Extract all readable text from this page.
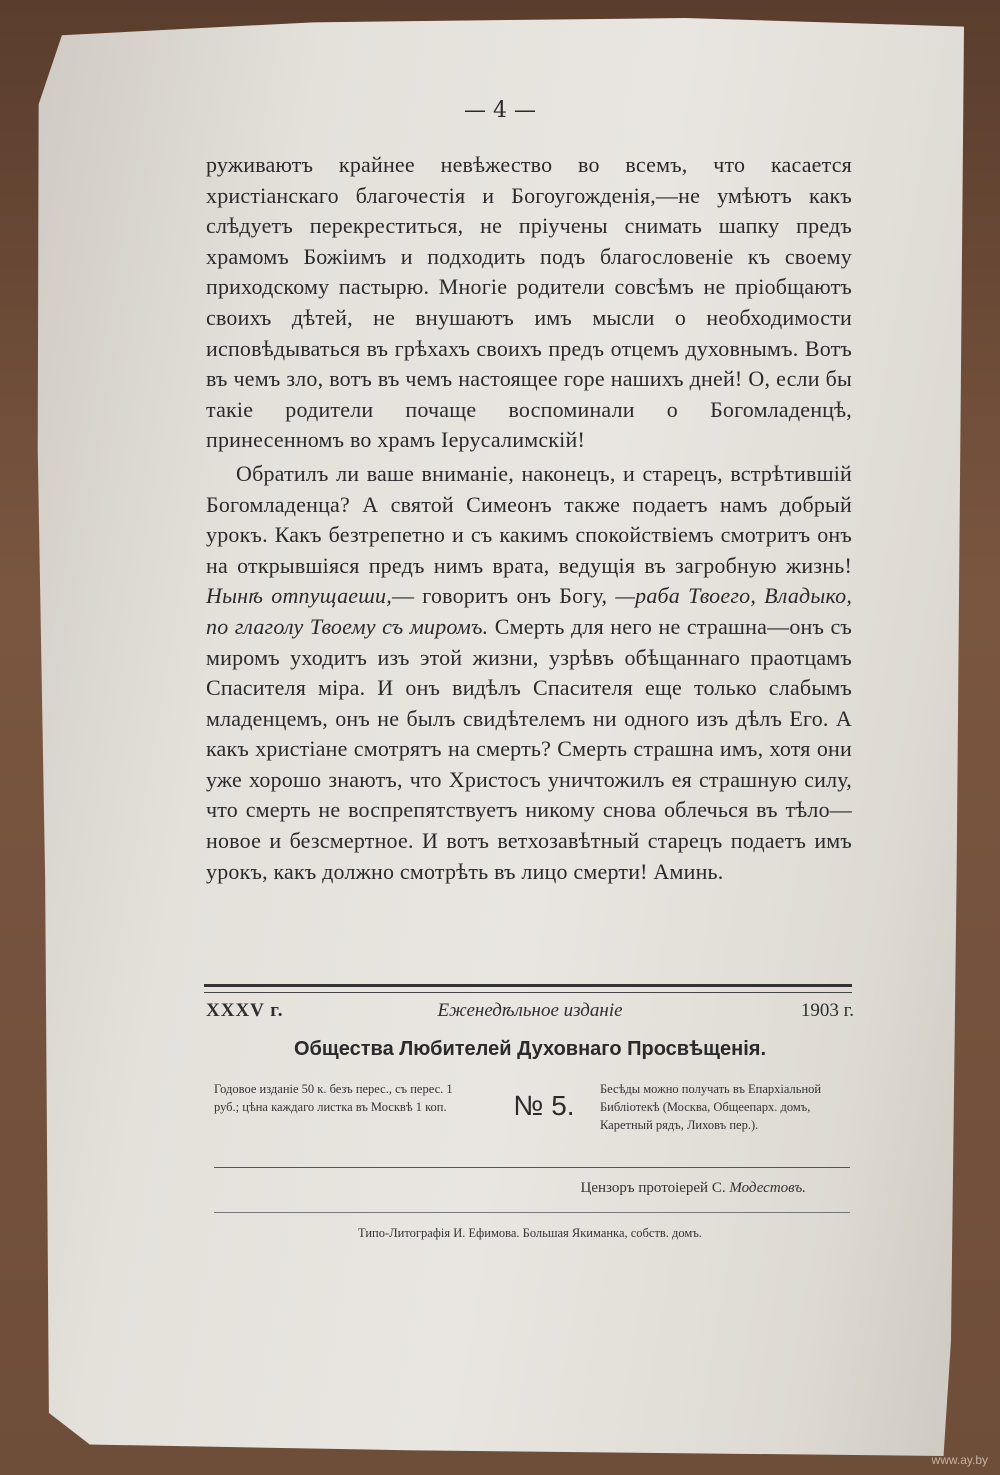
— 4 —

руживаютъ крайнее невѣжество во всемъ, что касается христіанскаго благочестія и Богоугожденія,—не умѣютъ какъ слѣдуетъ перекреститься, не пріучены снимать шапку предъ храмомъ Божіимъ и подходить подъ благословеніе къ своему приходскому пастырю. Многіе родители совсѣмъ не пріобщаютъ своихъ дѣтей, не внушаютъ имъ мысли о необходимости исповѣдываться въ грѣхахъ своихъ предъ отцемъ духовнымъ. Вотъ въ чемъ зло, вотъ въ чемъ настоящее горе нашихъ дней! О, если бы такіе родители почаще воспоминали о Богомладенцѣ, принесенномъ во храмъ Іерусалимскій!

Обратилъ ли ваше вниманіе, наконецъ, и старецъ, встрѣтившій Богомладенца? А святой Симеонъ также подаетъ намъ добрый урокъ. Какъ безтрепетно и съ какимъ спокойствіемъ смотритъ онъ на открывшіяся предъ нимъ врата, ведущія въ загробную жизнь! Нынѣ отпущаеши,— говоритъ онъ Богу, —раба Твоего, Владыко, по глаголу Твоему съ миромъ. Смерть для него не страшна—онъ съ миромъ уходитъ изъ этой жизни, узрѣвъ обѣщаннаго праотцамъ Спасителя міра. И онъ видѣлъ Спасителя еще только слабымъ младенцемъ, онъ не былъ свидѣтелемъ ни одного изъ дѣлъ Его. А какъ христіане смотрятъ на смерть? Смерть страшна имъ, хотя они уже хорошо знаютъ, что Христосъ уничтожилъ ея страшную силу, что смерть не воспрепятствуетъ никому снова облечься въ тѣло—новое и безсмертное. И вотъ ветхозавѣтный старецъ подаетъ имъ урокъ, какъ должно смотрѣть въ лицо смерти! Аминь.

XXXV г.	Еженедѣльное изданіе	1903 г.
Общества Любителей Духовнаго Просвѣщенія.
Годовое изданіе 50 к. безъ перес., съ перес. 1 руб.; цѣна каждаго листка въ Москвѣ 1 коп.	№ 5.
Бесѣды можно получать въ Епархіальной Библіотекѣ (Москва, Общеепарх. домъ, Каретный рядъ, Лиховъ пер.).
Цензоръ протоіерей С. Модестовъ.
Типо-Литографія И. Ефимова. Большая Якиманка, собств. домъ.
www.ay.by
